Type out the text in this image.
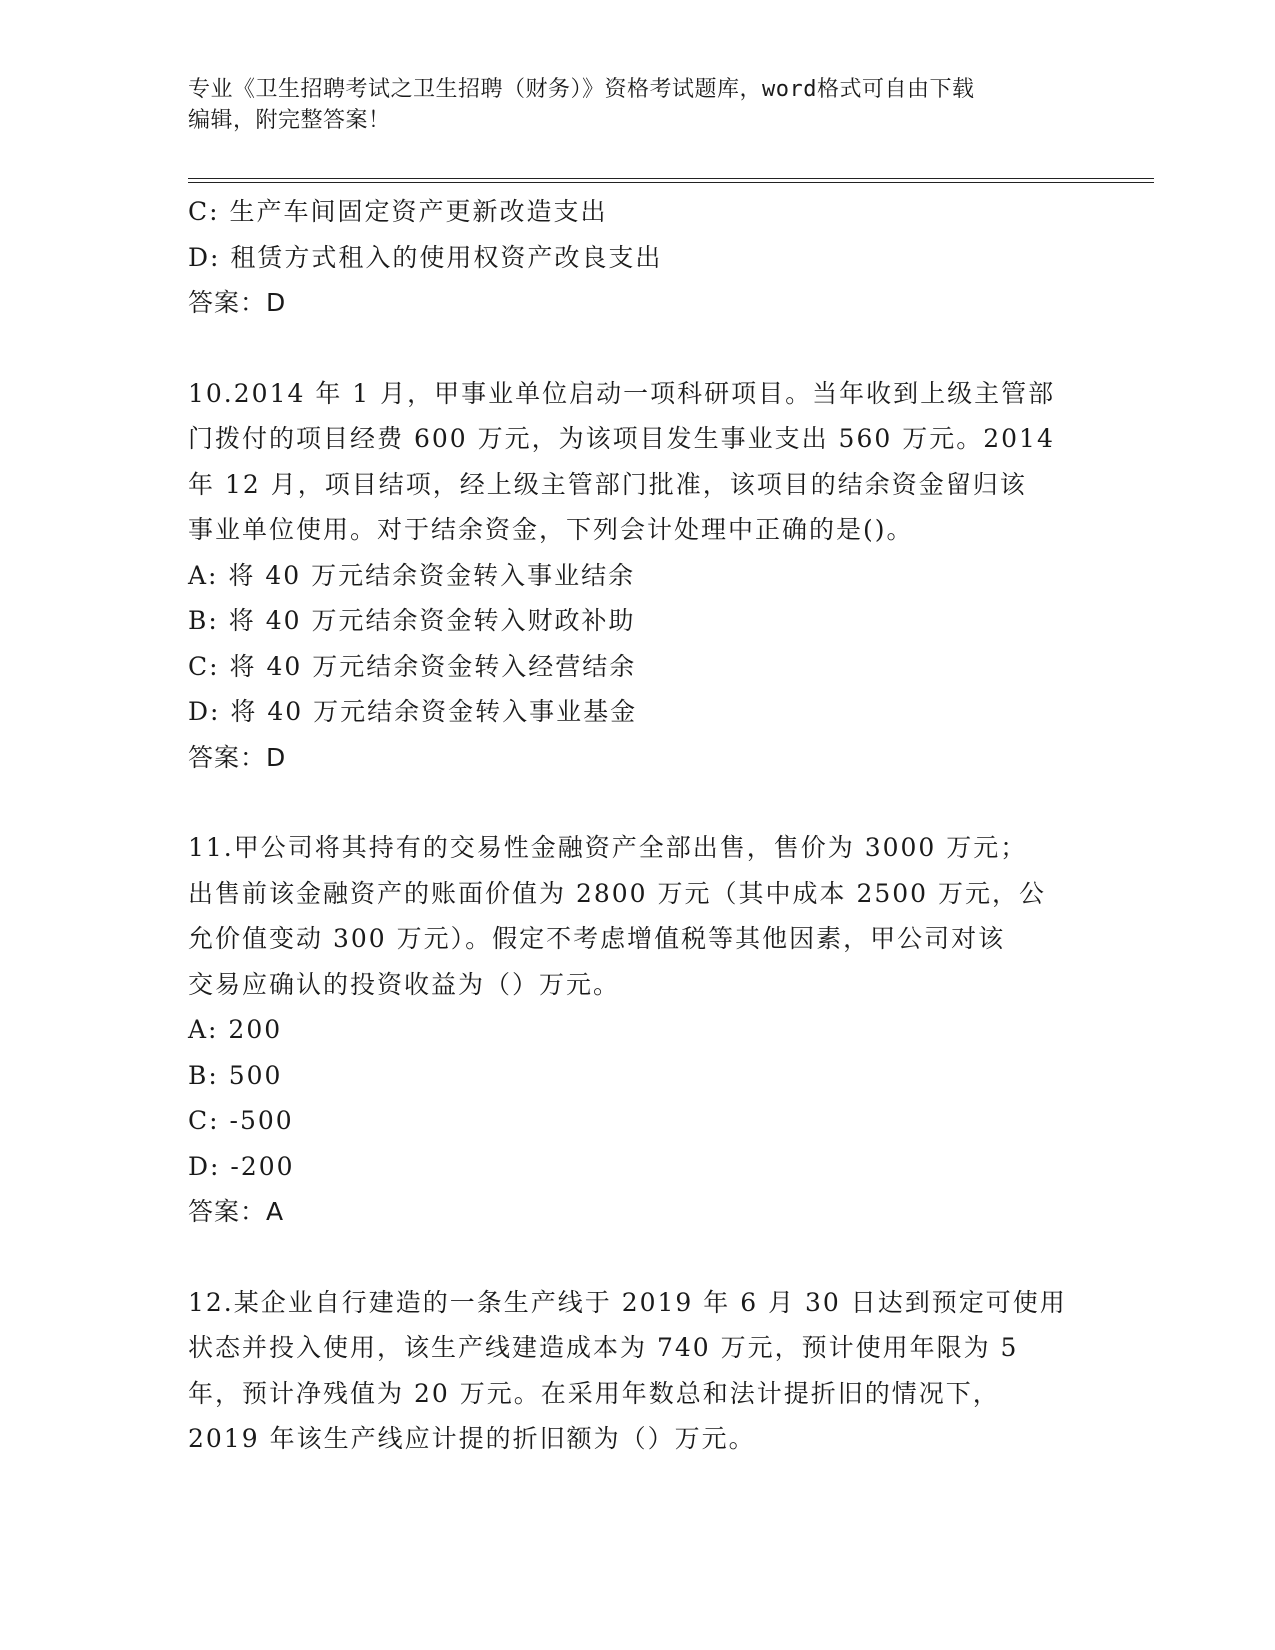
专业《卫生招聘考试之卫生招聘（财务）》资格考试题库，word格式可自由下载
编辑，附完整答案！
C: 生产车间固定资产更新改造支出
D: 租赁方式租入的使用权资产改良支出
答案：D
10.2014 年 1 月，甲事业单位启动一项科研项目。当年收到上级主管部
门拨付的项目经费 600 万元，为该项目发生事业支出 560 万元。2014
年 12 月，项目结项，经上级主管部门批准，该项目的结余资金留归该
事业单位使用。对于结余资金，下列会计处理中正确的是()。
A: 将 40 万元结余资金转入事业结余
B: 将 40 万元结余资金转入财政补助
C: 将 40 万元结余资金转入经营结余
D: 将 40 万元结余资金转入事业基金
答案：D
11.甲公司将其持有的交易性金融资产全部出售，售价为 3000 万元；
出售前该金融资产的账面价值为 2800 万元（其中成本 2500 万元，公
允价值变动 300 万元）。假定不考虑增值税等其他因素，甲公司对该
交易应确认的投资收益为（）万元。
A: 200
B: 500
C: -500
D: -200
答案：A
12.某企业自行建造的一条生产线于 2019 年 6 月 30 日达到预定可使用
状态并投入使用，该生产线建造成本为 740 万元，预计使用年限为 5
年，预计净残值为 20 万元。在采用年数总和法计提折旧的情况下，
2019 年该生产线应计提的折旧额为（）万元。
